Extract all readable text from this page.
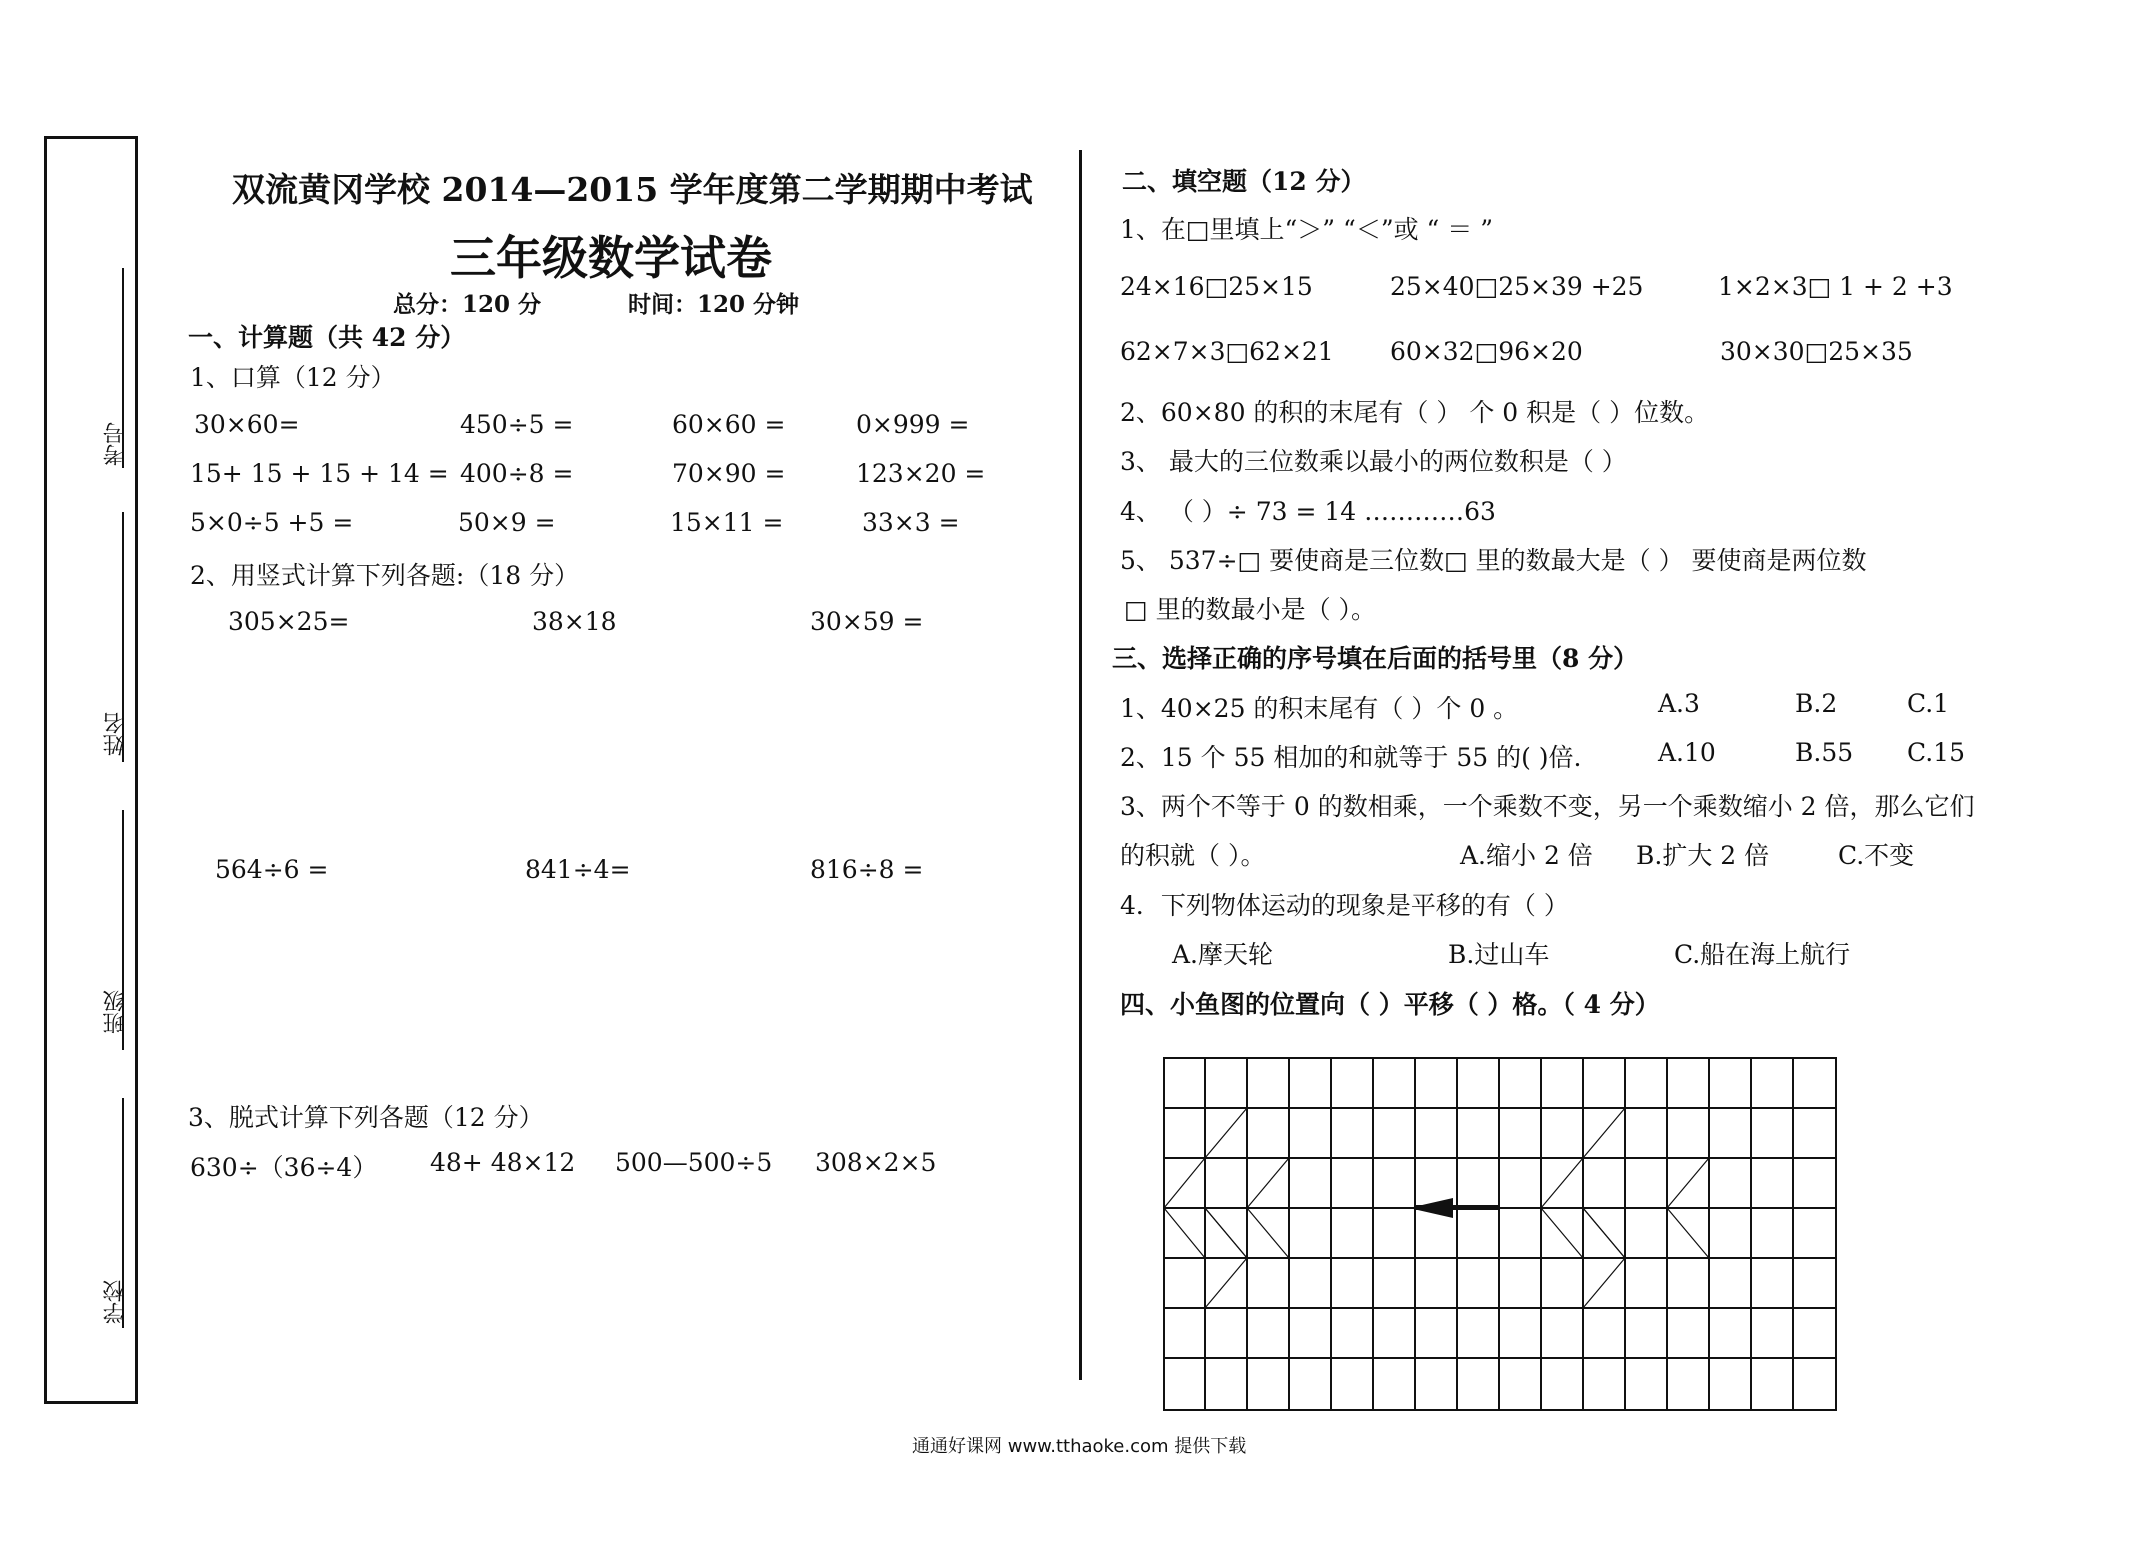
考号
姓名
班级
学校
双流黄冈学校 2014—2015 学年度第二学期期中考试
三年级数学试卷
总分：120 分	时间：120 分钟
一、计算题（共 42 分）
1、口算（12 分）
30×60=	450÷5 =	60×60 =	0×999 =
15+ 15 + 15 + 14 = 400÷8 =	70×90 =	123×20 =
5×0÷5 +5 =	50×9 =	15×11 =	33×3 =
2、用竖式计算下列各题:（18 分）
305×25=	38×18	30×59 =
564÷6 =	841÷4=	816÷8 =
3、脱式计算下列各题（12 分）
630÷（36÷4） 48+ 48×12 500—500÷5 308×2×5
二、填空题（12 分）
1、在□里填上“＞” “＜”或 “ ＝ ”
24×16□25×15	25×40□25×39 +25	1×2×3□ 1 + 2 +3
62×7×3□62×21 60×32□96×20	30×30□25×35
2、60×80 的积的末尾有（ ） 个 0 积是（ ）位数。
3、 最大的三位数乘以最小的两位数积是（ ）
4、 （ ）÷ 73 = 14 …………63
5、 537÷□ 要使商是三位数□ 里的数最大是（ ） 要使商是两位数
□ 里的数最小是（ ）。
三、选择正确的序号填在后面的括号里（8 分）
1、40×25 的积末尾有（ ）个 0 。	A.3	B.2	C.1
2、15 个 55 相加的和就等于 55 的( )倍.	A.10	B.55 C.15
3、两个不等于 0 的数相乘，一个乘数不变，另一个乘数缩小 2 倍，那么它们
的积就（ ）。	A.缩小 2 倍 B.扩大 2 倍	C.不变
4．下列物体运动的现象是平移的有（ ）
A.摩天轮	B.过山车	C.船在海上航行
四、小鱼图的位置向（ ）平移（ ）格。（ 4 分）
通通好课网 www.tthaoke.com 提供下载
